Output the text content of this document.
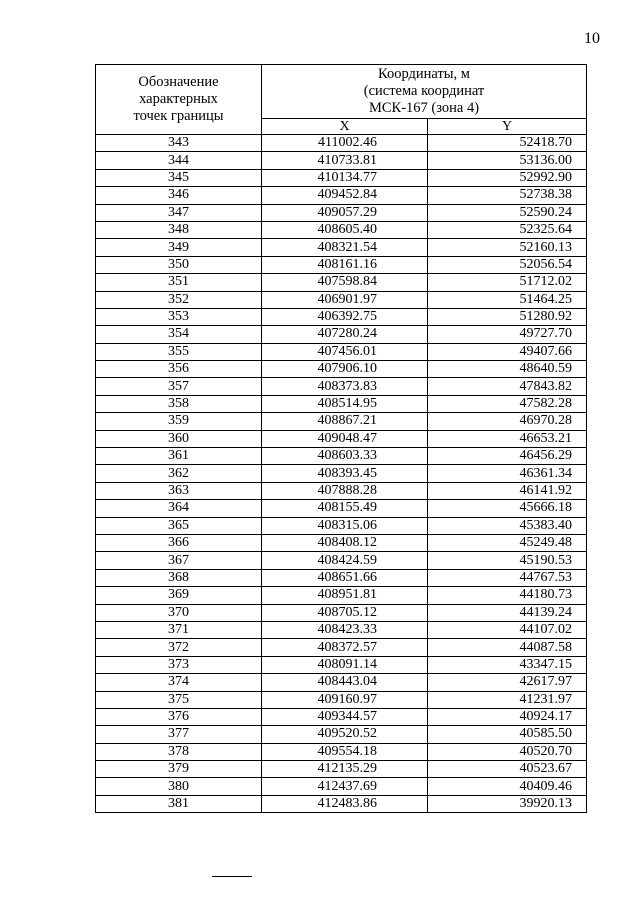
10
Обозначение
характерных
точек границы	Координаты, м
(система координат
МСК-167 (зона 4)	
	X	Y
343	411002.46	52418.70
344	410733.81	53136.00
345	410134.77	52992.90
346	409452.84	52738.38
347	409057.29	52590.24
348	408605.40	52325.64
349	408321.54	52160.13
350	408161.16	52056.54
351	407598.84	51712.02
352	406901.97	51464.25
353	406392.75	51280.92
354	407280.24	49727.70
355	407456.01	49407.66
356	407906.10	48640.59
357	408373.83	47843.82
358	408514.95	47582.28
359	408867.21	46970.28
360	409048.47	46653.21
361	408603.33	46456.29
362	408393.45	46361.34
363	407888.28	46141.92
364	408155.49	45666.18
365	408315.06	45383.40
366	408408.12	45249.48
367	408424.59	45190.53
368	408651.66	44767.53
369	408951.81	44180.73
370	408705.12	44139.24
371	408423.33	44107.02
372	408372.57	44087.58
373	408091.14	43347.15
374	408443.04	42617.97
375	409160.97	41231.97
376	409344.57	40924.17
377	409520.52	40585.50
378	409554.18	40520.70
379	412135.29	40523.67
380	412437.69	40409.46
381	412483.86	39920.13
